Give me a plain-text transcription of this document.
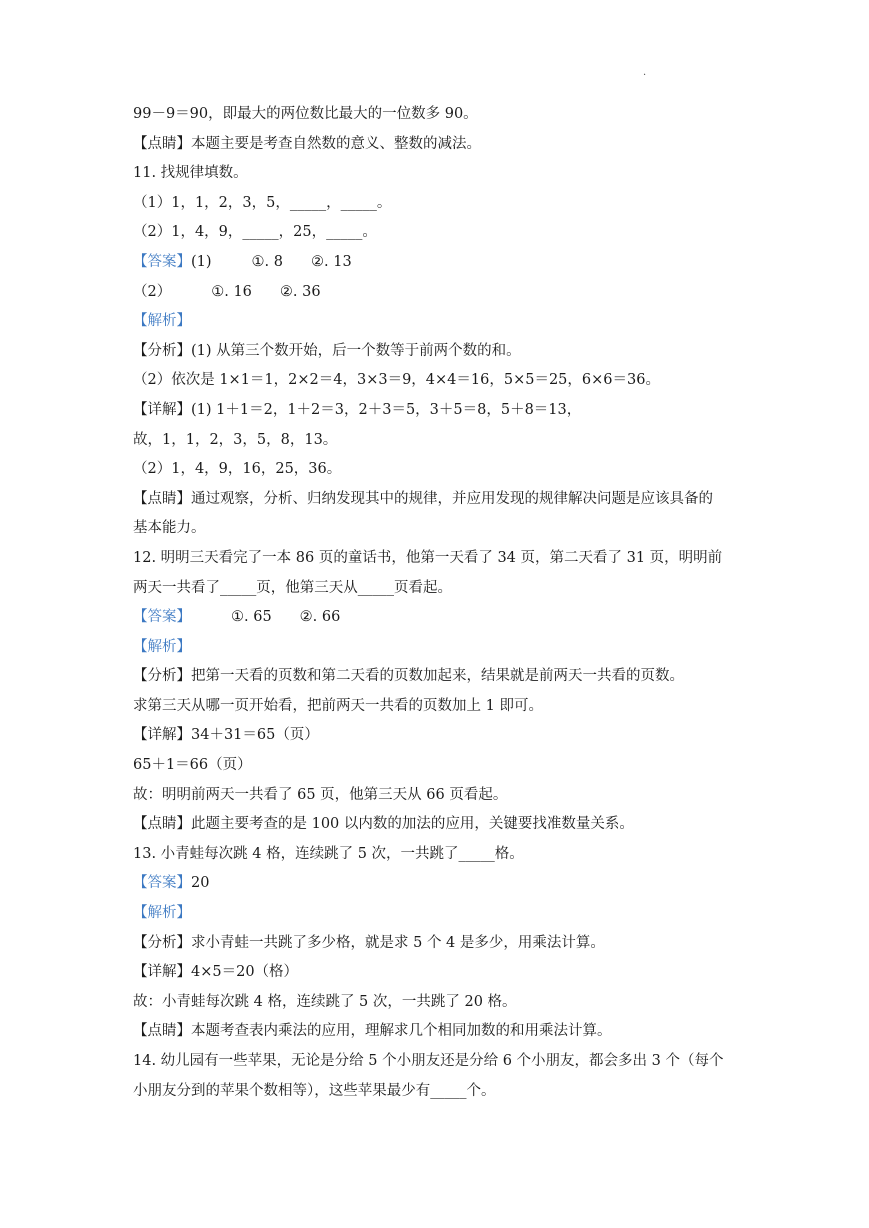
·
99－9＝90，即最大的两位数比最大的一位数多 90。
【点睛】本题主要是考查自然数的意义、整数的减法。
11. 找规律填数。
（1）1，1，2，3，5，_____，_____。
（2）1，4，9，_____，25，_____。
【答案】(1)	①. 8 ②. 13
（2）	①. 16 ②. 36
【解析】
【分析】(1) 从第三个数开始，后一个数等于前两个数的和。
（2）依次是 1×1＝1，2×2＝4，3×3＝9，4×4＝16，5×5＝25，6×6＝36。
【详解】(1) 1＋1＝2，1＋2＝3，2＋3＝5，3＋5＝8，5＋8＝13，
故，1，1，2，3，5，8，13。
（2）1，4，9，16，25，36。
【点睛】通过观察，分析、归纳发现其中的规律，并应用发现的规律解决问题是应该具备的
基本能力。
12. 明明三天看完了一本 86 页的童话书，他第一天看了 34 页，第二天看了 31 页，明明前
两天一共看了_____页，他第三天从_____页看起。
【答案】	①. 65 ②. 66
【解析】
【分析】把第一天看的页数和第二天看的页数加起来，结果就是前两天一共看的页数。
求第三天从哪一页开始看，把前两天一共看的页数加上 1 即可。
【详解】34＋31＝65（页）
65＋1＝66（页）
故：明明前两天一共看了 65 页，他第三天从 66 页看起。
【点睛】此题主要考查的是 100 以内数的加法的应用，关键要找准数量关系。
13. 小青蛙每次跳 4 格，连续跳了 5 次，一共跳了_____格。
【答案】20
【解析】
【分析】求小青蛙一共跳了多少格，就是求 5 个 4 是多少，用乘法计算。
【详解】4×5＝20（格）
故：小青蛙每次跳 4 格，连续跳了 5 次，一共跳了 20 格。
【点睛】本题考查表内乘法的应用，理解求几个相同加数的和用乘法计算。
14. 幼儿园有一些苹果，无论是分给 5 个小朋友还是分给 6 个小朋友，都会多出 3 个（每个
小朋友分到的苹果个数相等），这些苹果最少有_____个。
